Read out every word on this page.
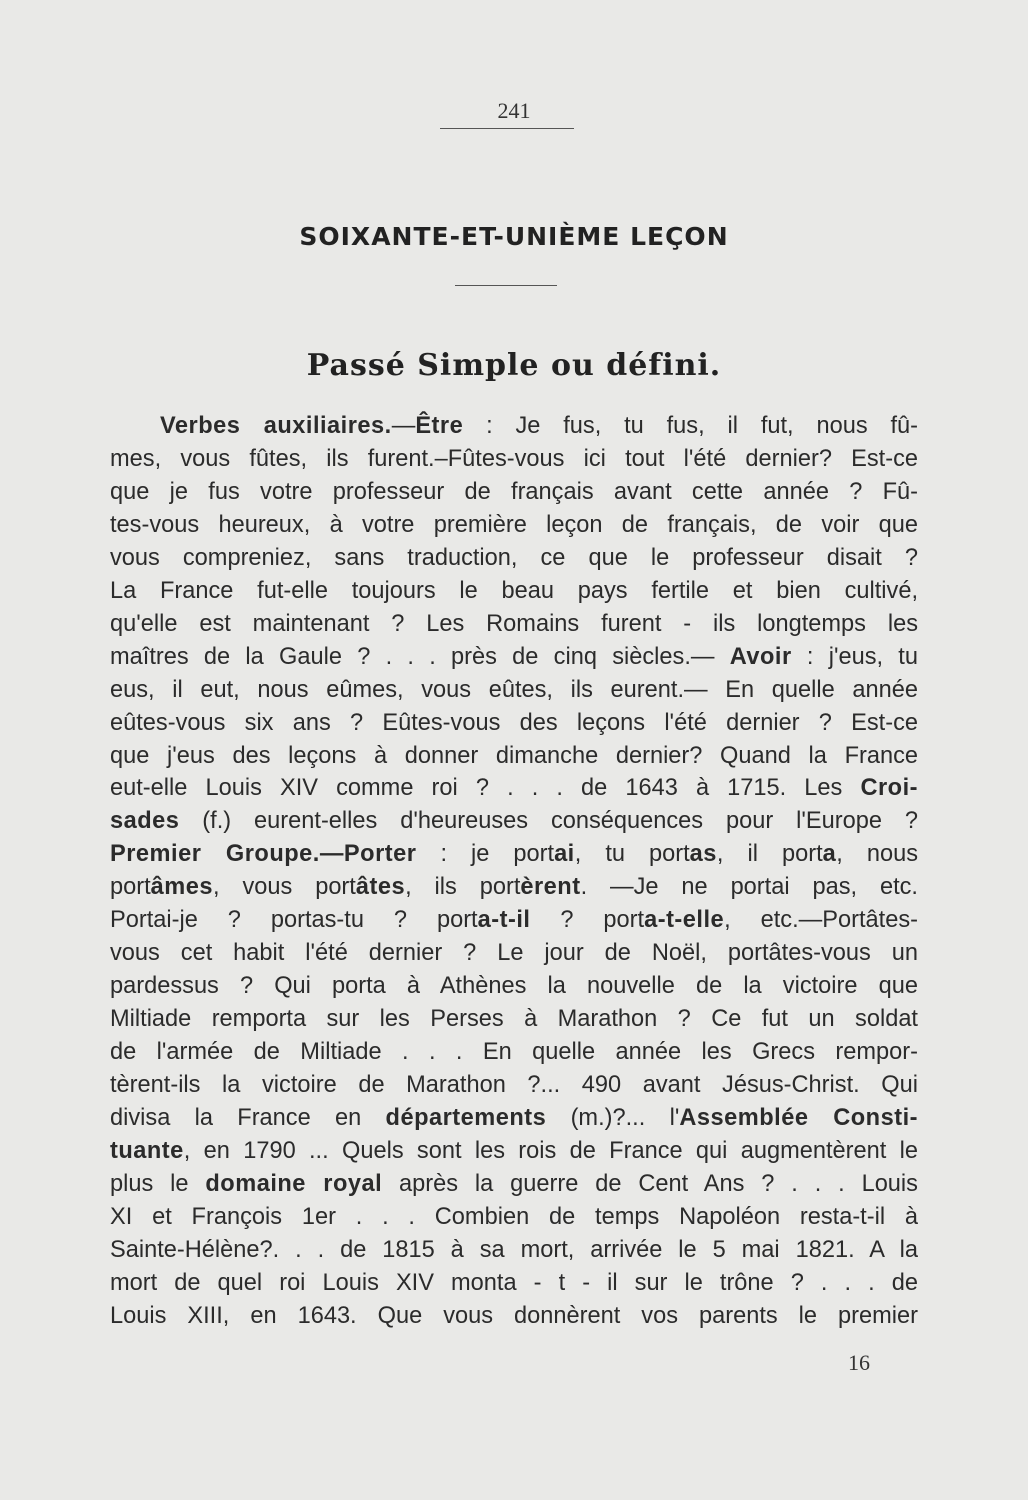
241
SOIXANTE-ET-UNIÈME LEÇON
Passé Simple ou défini.
Verbes auxiliaires.—Être : Je fus, tu fus, il fut, nous fû-
mes, vous fûtes, ils furent.–Fûtes-vous ici tout l'été dernier? Est-ce
que je fus votre professeur de français avant cette année ? Fû-
tes-vous heureux, à votre première leçon de français, de voir que
vous compreniez, sans traduction, ce que le professeur disait ?
La France fut-elle toujours le beau pays fertile et bien cultivé,
qu'elle est maintenant ? Les Romains furent - ils longtemps les
maîtres de la Gaule ? . . . près de cinq siècles.— Avoir : j'eus, tu
eus, il eut, nous eûmes, vous eûtes, ils eurent.— En quelle année
eûtes-vous six ans ? Eûtes-vous des leçons l'été dernier ? Est-ce
que j'eus des leçons à donner dimanche dernier? Quand la France
eut-elle Louis XIV comme roi ? . . . de 1643 à 1715. Les Croi-
sades (f.) eurent-elles d'heureuses conséquences pour l'Europe ?
Premier Groupe.—Porter : je portai, tu portas, il porta, nous
portâmes, vous portâtes, ils portèrent. —Je ne portai pas, etc.
Portai-je ? portas-tu ? porta-t-il ? porta-t-elle, etc.—Portâtes-
vous cet habit l'été dernier ? Le jour de Noël, portâtes-vous un
pardessus ? Qui porta à Athènes la nouvelle de la victoire que
Miltiade remporta sur les Perses à Marathon ? Ce fut un soldat
de l'armée de Miltiade . . . En quelle année les Grecs rempor-
tèrent-ils la victoire de Marathon ?... 490 avant Jésus-Christ. Qui
divisa la France en départements (m.)?... l'Assemblée Consti-
tuante, en 1790 ... Quels sont les rois de France qui augmentèrent le
plus le domaine royal après la guerre de Cent Ans ? . . . Louis
XI et François 1er . . . Combien de temps Napoléon resta-t-il à
Sainte-Hélène?. . . de 1815 à sa mort, arrivée le 5 mai 1821. A la
mort de quel roi Louis XIV monta - t - il sur le trône ? . . . de
Louis XIII, en 1643. Que vous donnèrent vos parents le premier
16
